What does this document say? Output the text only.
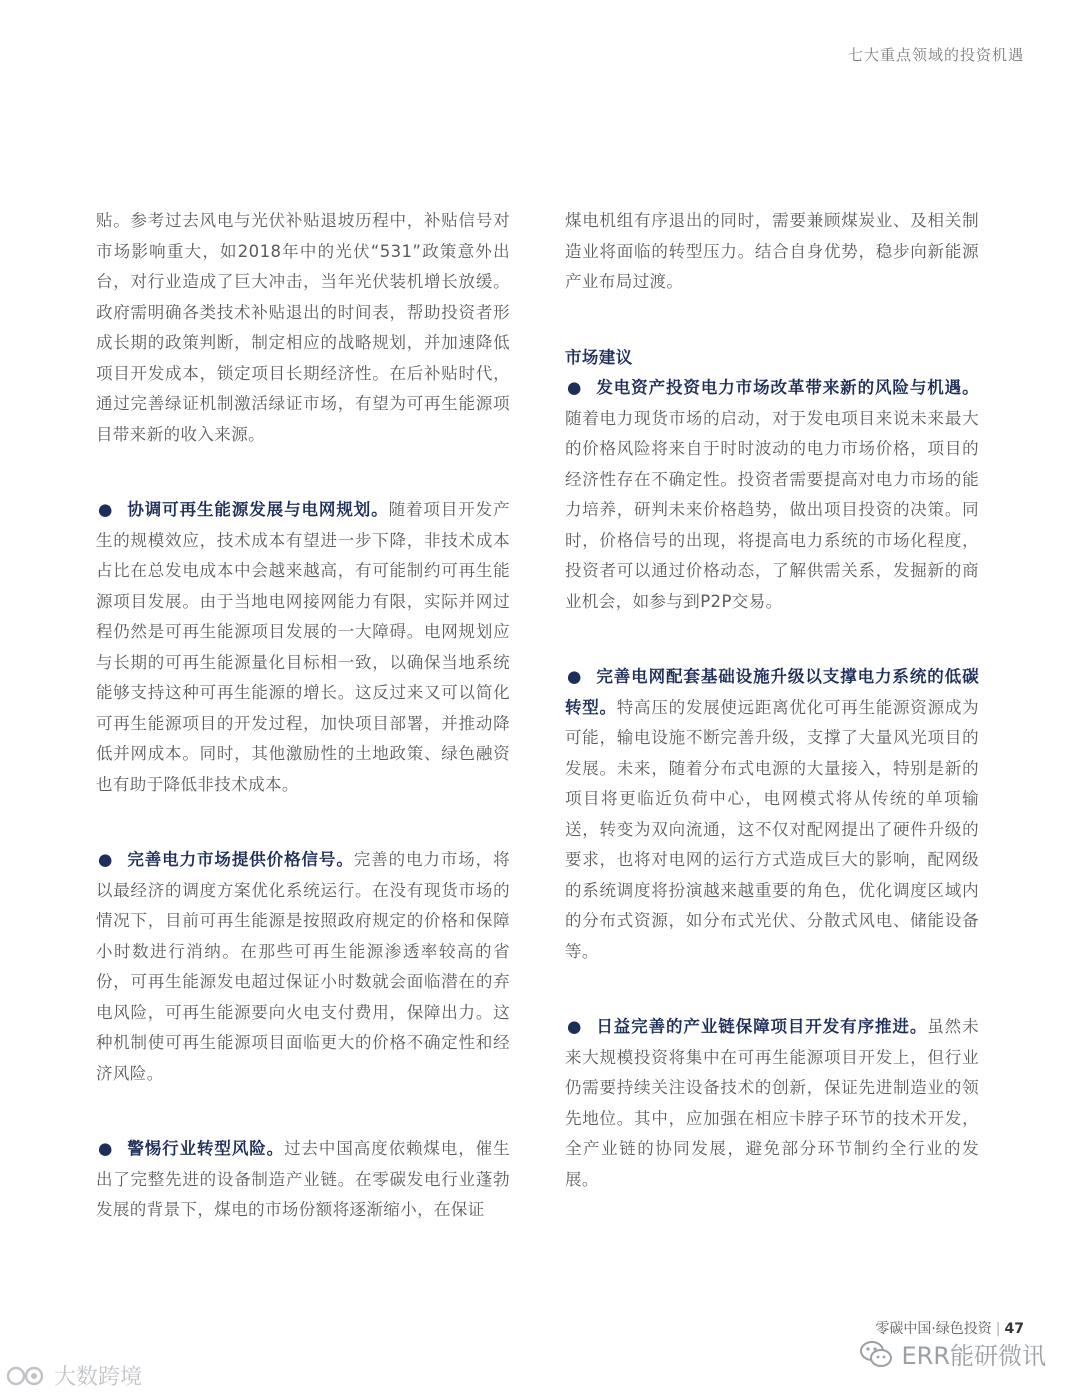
七大重点领域的投资机遇

贴。参考过去风电与光伏补贴退坡历程中，补贴信号对市场影响重大，如2018年中的光伏“531”政策意外出台，对行业造成了巨大冲击，当年光伏装机增长放缓。政府需明确各类技术补贴退出的时间表，帮助投资者形成长期的政策判断，制定相应的战略规划，并加速降低项目开发成本，锁定项目长期经济性。在后补贴时代，通过完善绿证机制激活绿证市场，有望为可再生能源项目带来新的收入来源。

● 协调可再生能源发展与电网规划。随着项目开发产生的规模效应，技术成本有望进一步下降，非技术成本占比在总发电成本中会越来越高，有可能制约可再生能源项目发展。由于当地电网接网能力有限，实际并网过程仍然是可再生能源项目发展的一大障碍。电网规划应与长期的可再生能源量化目标相一致，以确保当地系统能够支持这种可再生能源的增长。这反过来又可以简化可再生能源项目的开发过程，加快项目部署，并推动降低并网成本。同时，其他激励性的土地政策、绿色融资也有助于降低非技术成本。

● 完善电力市场提供价格信号。完善的电力市场，将以最经济的调度方案优化系统运行。在没有现货市场的情况下，目前可再生能源是按照政府规定的价格和保障小时数进行消纳。在那些可再生能源渗透率较高的省份，可再生能源发电超过保证小时数就会面临潜在的弃电风险，可再生能源要向火电支付费用，保障出力。这种机制使可再生能源项目面临更大的价格不确定性和经济风险。

● 警惕行业转型风险。过去中国高度依赖煤电，催生出了完整先进的设备制造产业链。在零碳发电行业蓬勃发展的背景下，煤电的市场份额将逐渐缩小，在保证

煤电机组有序退出的同时，需要兼顾煤炭业、及相关制造业将面临的转型压力。结合自身优势，稳步向新能源产业布局过渡。

市场建议

● 发电资产投资电力市场改革带来新的风险与机遇。随着电力现货市场的启动，对于发电项目来说未来最大的价格风险将来自于时时波动的电力市场价格，项目的经济性存在不确定性。投资者需要提高对电力市场的能力培养，研判未来价格趋势，做出项目投资的决策。同时，价格信号的出现，将提高电力系统的市场化程度，投资者可以通过价格动态，了解供需关系，发掘新的商业机会，如参与到P2P交易。

● 完善电网配套基础设施升级以支撑电力系统的低碳转型。特高压的发展使远距离优化可再生能源资源成为可能，输电设施不断完善升级，支撑了大量风光项目的发展。未来，随着分布式电源的大量接入，特别是新的项目将更临近负荷中心，电网模式将从传统的单项输送，转变为双向流通，这不仅对配网提出了硬件升级的要求，也将对电网的运行方式造成巨大的影响，配网级的系统调度将扮演越来越重要的角色，优化调度区域内的分布式资源，如分布式光伏、分散式风电、储能设备等。

● 日益完善的产业链保障项目开发有序推进。虽然未来大规模投资将集中在可再生能源项目开发上，但行业仍需要持续关注设备技术的创新，保证先进制造业的领先地位。其中，应加强在相应卡脖子环节的技术开发，全产业链的协同发展，避免部分环节制约全行业的发展。

零碳中国·绿色投资 | 47
ERR能研微讯
大数跨境
